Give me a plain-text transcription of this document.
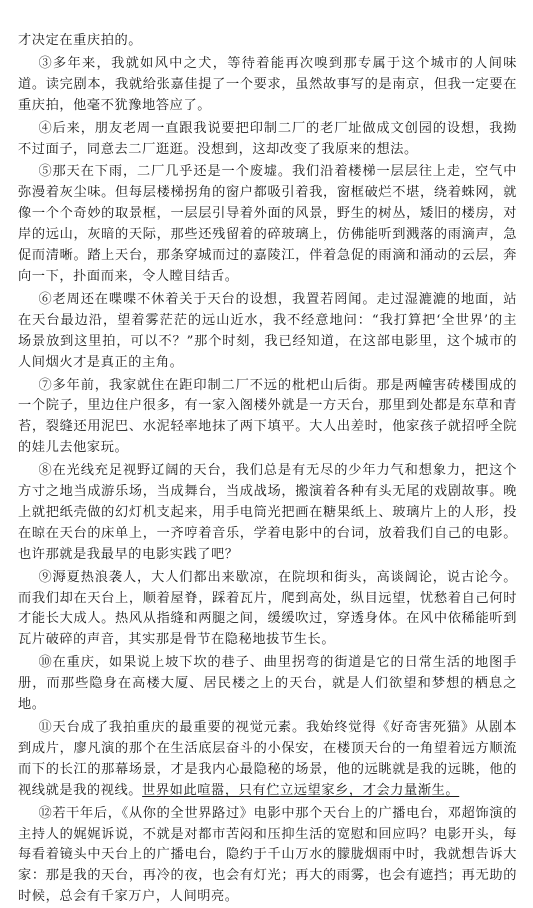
才决定在重庆拍的。

③多年来，我就如风中之犬，等待着能再次嗅到那专属于这个城市的人间味道。读完剧本，我就给张嘉佳提了一个要求，虽然故事写的是南京，但我一定要在重庆拍，他毫不犹豫地答应了。

④后来，朋友老周一直跟我说要把印制二厂的老厂址做成文创园的设想，我拗不过面子，同意去二厂逛逛。没想到，这却改变了我原来的想法。

⑤那天在下雨，二厂几乎还是一个废墟。我们沿着楼梯一层层往上走，空气中弥漫着灰尘味。但每层楼梯拐角的窗户都吸引着我，窗框破烂不堪，绕着蛛网，就像一个个奇妙的取景框，一层层引导着外面的风景，野生的树丛，矮旧的楼房，对岸的远山，灰暗的天际，那些还残留着的碎玻璃上，仿佛能听到溅落的雨滴声，急促而清晰。踏上天台，那条穿城而过的嘉陵江，伴着急促的雨滴和涌动的云层，奔向一下，扑面而来，令人瞠目结舌。

⑥老周还在喋喋不休着关于天台的设想，我置若罔闻。走过湿漉漉的地面，站在天台最边沿，望着雾茫茫的远山近水，我不经意地问：“我打算把‘全世界’的主场景放到这里拍，可以不？”那个时刻，我已经知道，在这部电影里，这个城市的人间烟火才是真正的主角。

⑦多年前，我家就住在距印制二厂不远的枇杷山后街。那是两幢害砖楼围成的一个院子，里边住户很多，有一家入阁楼外就是一方天台，那里到处都是东草和青苔，裂缝还用泥巴、水泥轻率地抹了两下填平。大人出差时，他家孩子就招呼全院的娃儿去他家玩。

⑧在光线充足视野辽阔的天台，我们总是有无尽的少年力气和想象力，把这个方寸之地当成游乐场，当成舞台，当成战场，搬演着各种有头无尾的戏剧故事。晚上就把纸壳做的幻灯机支起来，用手电筒光把画在糖果纸上、玻璃片上的人形，投在晾在天台的床单上，一齐哼着音乐，学着电影中的台词，放着我们自己的电影。也许那就是我最早的电影实践了吧？

⑨溽夏热浪袭人，大人们都出来歇凉，在院坝和街头，高谈阔论，说古论今。而我们却在天台上，顺着屋脊，踩着瓦片，爬到高处，纵目远望，忧愁着自己何时才能长大成人。热风从指缝和两腿之间，缓缓吹过，穿透身体。在风中依稀能听到瓦片破碎的声音，其实那是骨节在隐秘地拔节生长。

⑩在重庆，如果说上坡下坎的巷子、曲里拐弯的街道是它的日常生活的地图手册，而那些隐身在高楼大厦、居民楼之上的天台，就是人们欲望和梦想的栖息之地。

⑪天台成了我拍重庆的最重要的视觉元素。我始终觉得《好奇害死猫》从剧本到成片，廖凡演的那个在生活底层奋斗的小保安，在楼顶天台的一角望着远方顺流而下的长江的那幕场景，才是我内心最隐秘的场景，他的远眺就是我的远眺，他的视线就是我的视线。世界如此喧嚣，只有伫立远望家乡，才会力量渐生。

⑫若干年后，《从你的全世界路过》电影中那个天台上的广播电台，邓超饰演的主持人的娓娓诉说，不就是对都市苦闷和压抑生活的宽慰和回应吗？电影开头，每每看着镜头中天台上的广播电台，隐约于千山万水的朦胧烟雨中时，我就想告诉大家：那是我的天台，再冷的夜，也会有灯光；再大的雨雾，也会有遮挡；再无助的时候，总会有千家万户，人间明亮。
